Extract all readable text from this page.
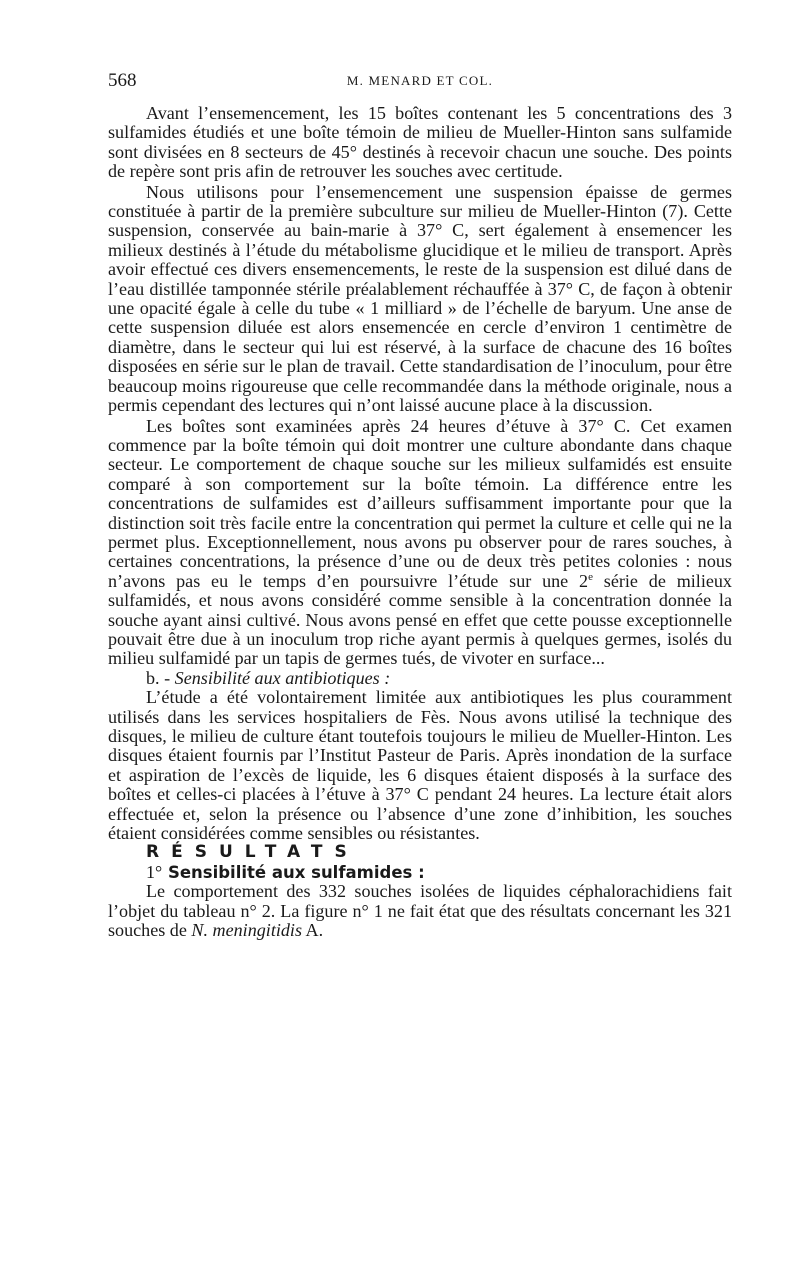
568	M. MENARD ET COL.

Avant l’ensemencement, les 15 boîtes contenant les 5 concentrations des 3 sulfamides étudiés et une boîte témoin de milieu de Mueller-Hinton sans sulfamide sont divisées en 8 secteurs de 45° destinés à recevoir chacun une souche. Des points de repère sont pris afin de retrouver les souches avec certitude.

Nous utilisons pour l’ensemencement une suspension épaisse de germes constituée à partir de la première subculture sur milieu de Mueller-Hinton (7). Cette suspension, conservée au bain-marie à 37° C, sert également à ensemencer les milieux destinés à l’étude du métabolisme glucidique et le milieu de transport. Après avoir effectué ces divers ensemencements, le reste de la suspension est dilué dans de l’eau distillée tamponnée stérile préalablement réchauffée à 37° C, de façon à obtenir une opacité égale à celle du tube « 1 milliard » de l’échelle de baryum. Une anse de cette suspension diluée est alors ensemencée en cercle d’environ 1 centimètre de diamètre, dans le secteur qui lui est réservé, à la surface de chacune des 16 boîtes disposées en série sur le plan de travail. Cette standardisation de l’inoculum, pour être beaucoup moins rigoureuse que celle recommandée dans la méthode originale, nous a permis cependant des lectures qui n’ont laissé aucune place à la discussion.

Les boîtes sont examinées après 24 heures d’étuve à 37° C. Cet examen commence par la boîte témoin qui doit montrer une culture abondante dans chaque secteur. Le comportement de chaque souche sur les milieux sulfamidés est ensuite comparé à son comportement sur la boîte témoin. La différence entre les concentrations de sulfamides est d’ailleurs suffisamment importante pour que la distinction soit très facile entre la concentration qui permet la culture et celle qui ne la permet plus. Exceptionnellement, nous avons pu observer pour de rares souches, à certaines concentrations, la présence d’une ou de deux très petites colonies : nous n’avons pas eu le temps d’en poursuivre l’étude sur une 2e série de milieux sulfamidés, et nous avons considéré comme sensible à la concentration donnée la souche ayant ainsi cultivé. Nous avons pensé en effet que cette pousse exceptionnelle pouvait être due à un inoculum trop riche ayant permis à quelques germes, isolés du milieu sulfamidé par un tapis de germes tués, de vivoter en surface...

b. - Sensibilité aux antibiotiques :

L’étude a été volontairement limitée aux antibiotiques les plus couramment utilisés dans les services hospitaliers de Fès. Nous avons utilisé la technique des disques, le milieu de culture étant toutefois toujours le milieu de Mueller-Hinton. Les disques étaient fournis par l’Institut Pasteur de Paris. Après inondation de la surface et aspiration de l’excès de liquide, les 6 disques étaient disposés à la surface des boîtes et celles-ci placées à l’étuve à 37° C pendant 24 heures. La lecture était alors effectuée et, selon la présence ou l’absence d’une zone d’inhibition, les souches étaient considérées comme sensibles ou résistantes.

RÉSULTATS

1° Sensibilité aux sulfamides :

Le comportement des 332 souches isolées de liquides céphalorachidiens fait l’objet du tableau n° 2. La figure n° 1 ne fait état que des résultats concernant les 321 souches de N. meningitidis A.
